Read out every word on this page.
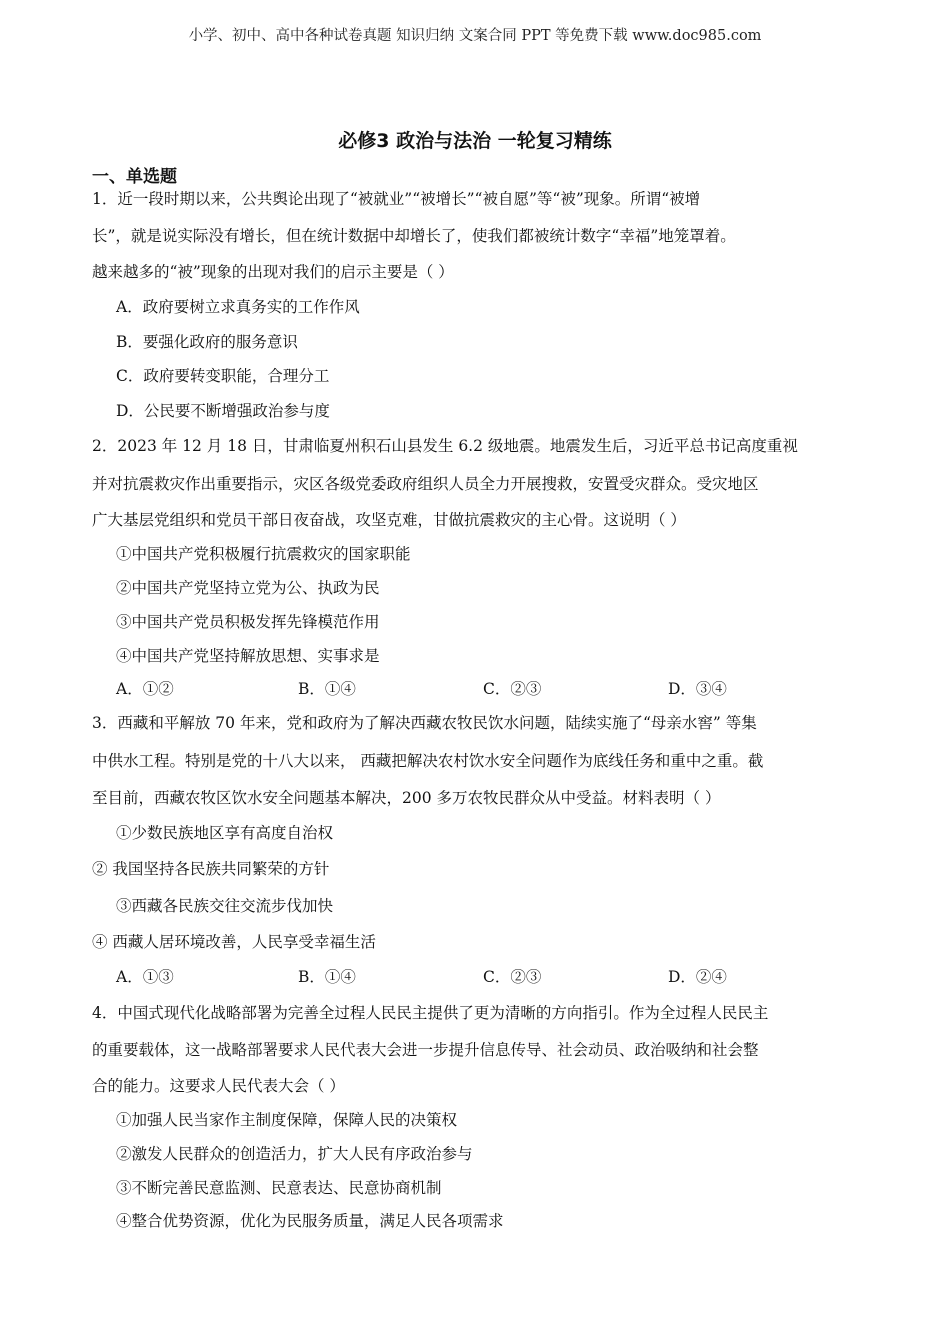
小学、初中、高中各种试卷真题 知识归纳 文案合同 PPT 等免费下载 www.doc985.com
必修3 政治与法治 一轮复习精练
一、单选题
1．近一段时期以来，公共舆论出现了“被就业”“被增长”“被自愿”等“被”现象。所谓“被增
长”，就是说实际没有增长，但在统计数据中却增长了，使我们都被统计数字“幸福”地笼罩着。
越来越多的“被”现象的出现对我们的启示主要是（ ）
A．政府要树立求真务实的工作作风
B．要强化政府的服务意识
C．政府要转变职能，合理分工
D．公民要不断增强政治参与度
2．2023 年 12 月 18 日，甘肃临夏州积石山县发生 6.2 级地震。地震发生后，习近平总书记高度重视
并对抗震救灾作出重要指示，灾区各级党委政府组织人员全力开展搜救，安置受灾群众。受灾地区
广大基层党组织和党员干部日夜奋战，攻坚克难，甘做抗震救灾的主心骨。这说明（ ）
①中国共产党积极履行抗震救灾的国家职能
②中国共产党坚持立党为公、执政为民
③中国共产党员积极发挥先锋模范作用
④中国共产党坚持解放思想、实事求是
A．①②	B．①④	C．②③	D．③④
3．西藏和平解放 70 年来，党和政府为了解决西藏农牧民饮水问题，陆续实施了“母亲水窖” 等集
中供水工程。特别是党的十八大以来， 西藏把解决农村饮水安全问题作为底线任务和重中之重。截
至目前，西藏农牧区饮水安全问题基本解决，200 多万农牧民群众从中受益。材料表明（ ）
①少数民族地区享有高度自治权
② 我国坚持各民族共同繁荣的方针
③西藏各民族交往交流步伐加快
④ 西藏人居环境改善，人民享受幸福生活
A．①③	B．①④	C．②③	D．②④
4．中国式现代化战略部署为完善全过程人民民主提供了更为清晰的方向指引。作为全过程人民民主
的重要载体，这一战略部署要求人民代表大会进一步提升信息传导、社会动员、政治吸纳和社会整
合的能力。这要求人民代表大会（ ）
①加强人民当家作主制度保障，保障人民的决策权
②激发人民群众的创造活力，扩大人民有序政治参与
③不断完善民意监测、民意表达、民意协商机制
④整合优势资源，优化为民服务质量，满足人民各项需求
